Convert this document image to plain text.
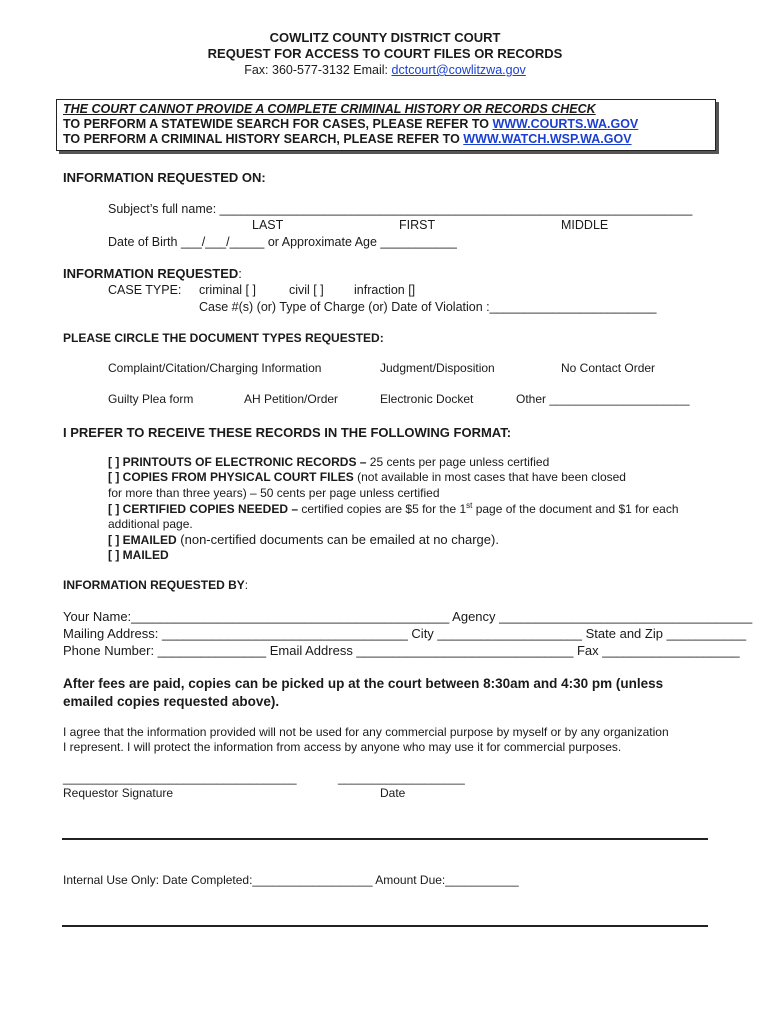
COWLITZ COUNTY DISTRICT COURT
REQUEST FOR ACCESS TO COURT FILES OR RECORDS
Fax: 360-577-3132 Email: dctcourt@cowlitzwa.gov
THE COURT CANNOT PROVIDE A COMPLETE CRIMINAL HISTORY OR RECORDS CHECK
TO PERFORM A STATEWIDE SEARCH FOR CASES, PLEASE REFER TO WWW.COURTS.WA.GOV
TO PERFORM A CRIMINAL HISTORY SEARCH, PLEASE REFER TO WWW.WATCH.WSP.WA.GOV
INFORMATION REQUESTED ON:
Subject’s full name: ____________________________________________________________________
LAST	FIRST	MIDDLE
Date of Birth ___/___/_____ or Approximate Age ___________
INFORMATION REQUESTED:
CASE TYPE: criminal [ ]	civil [ ] infraction []
Case #(s) (or) Type of Charge (or) Date of Violation :________________________
PLEASE CIRCLE THE DOCUMENT TYPES REQUESTED:
Complaint/Citation/Charging Information	Judgment/Disposition	No Contact Order
Guilty Plea form	AH Petition/Order	Electronic Docket	Other _____________________
I PREFER TO RECEIVE THESE RECORDS IN THE FOLLOWING FORMAT:
[ ] PRINTOUTS OF ELECTRONIC RECORDS – 25 cents per page unless certified
[ ] COPIES FROM PHYSICAL COURT FILES (not available in most cases that have been closed
for more than three years) – 50 cents per page unless certified
[ ] CERTIFIED COPIES NEEDED – certified copies are $5 for the 1st page of the document and $1 for each
additional page.
[ ] EMAILED (non-certified documents can be emailed at no charge).
[ ] MAILED
INFORMATION REQUESTED BY:
Your Name:____________________________________________ Agency ___________________________________
Mailing Address: __________________________________ City ____________________ State and Zip ___________
Phone Number: _______________ Email Address ______________________________ Fax ___________________
After fees are paid, copies can be picked up at the court between 8:30am and 4:30 pm (unless
emailed copies requested above).
I agree that the information provided will not be used for any commercial purpose by myself or by any organization
I represent. I will protect the information from access by anyone who may use it for commercial purposes.
___________________________________	___________________
Requestor Signature	Date
Internal Use Only: Date Completed:__________________ Amount Due:___________
